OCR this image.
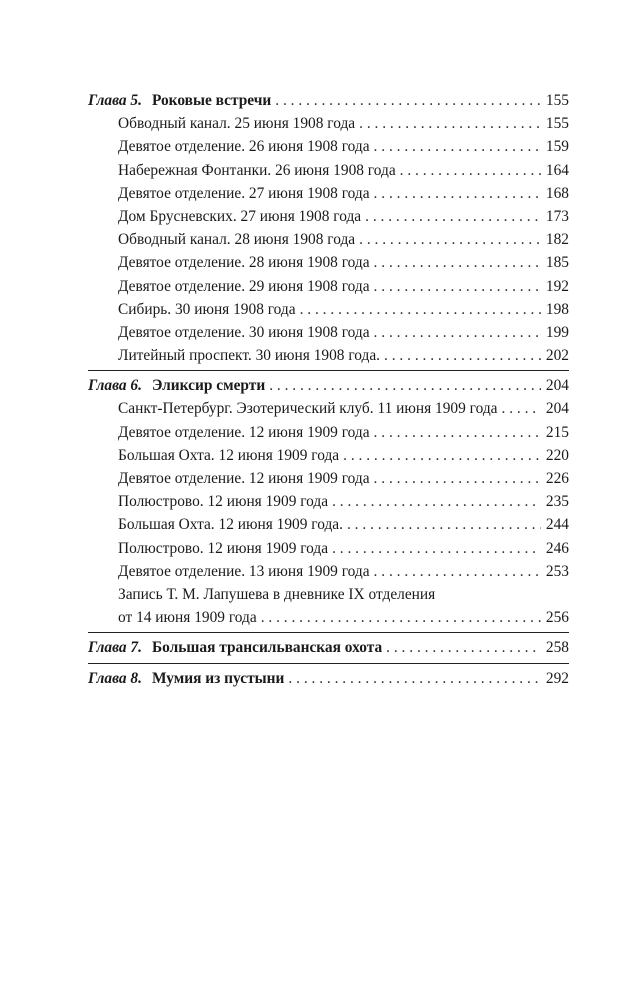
Глава 5. Роковые встречи . . .	155
Обводный канал. 25 июня 1908 года . . .	155
Девятое отделение. 26 июня 1908 года . . .	159
Набережная Фонтанки. 26 июня 1908 года . . .	164
Девятое отделение. 27 июня 1908 года . . .	168
Дом Брусневских. 27 июня 1908 года . . .	173
Обводный канал. 28 июня 1908 года . . .	182
Девятое отделение. 28 июня 1908 года . . .	185
Девятое отделение. 29 июня 1908 года . . .	192
Сибирь. 30 июня 1908 года . . .	198
Девятое отделение. 30 июня 1908 года . . .	199
Литейный проспект. 30 июня 1908 года. . . .	202
Глава 6. Эликсир смерти . . .	204
Санкт-Петербург. Эзотерический клуб. 11 июня 1909 года . . .	204
Девятое отделение. 12 июня 1909 года . . .	215
Большая Охта. 12 июня 1909 года . . .	220
Девятое отделение. 12 июня 1909 года . . .	226
Полюстрово. 12 июня 1909 года . . .	235
Большая Охта. 12 июня 1909 года. . . .	244
Полюстрово. 12 июня 1909 года . . .	246
Девятое отделение. 13 июня 1909 года . . .	253
Запись Т. М. Лапушева в дневнике IX отделения
от 14 июня 1909 года . . .	256
Глава 7. Большая трансильванская охота . . .	258
Глава 8. Мумия из пустыни . . .	292
